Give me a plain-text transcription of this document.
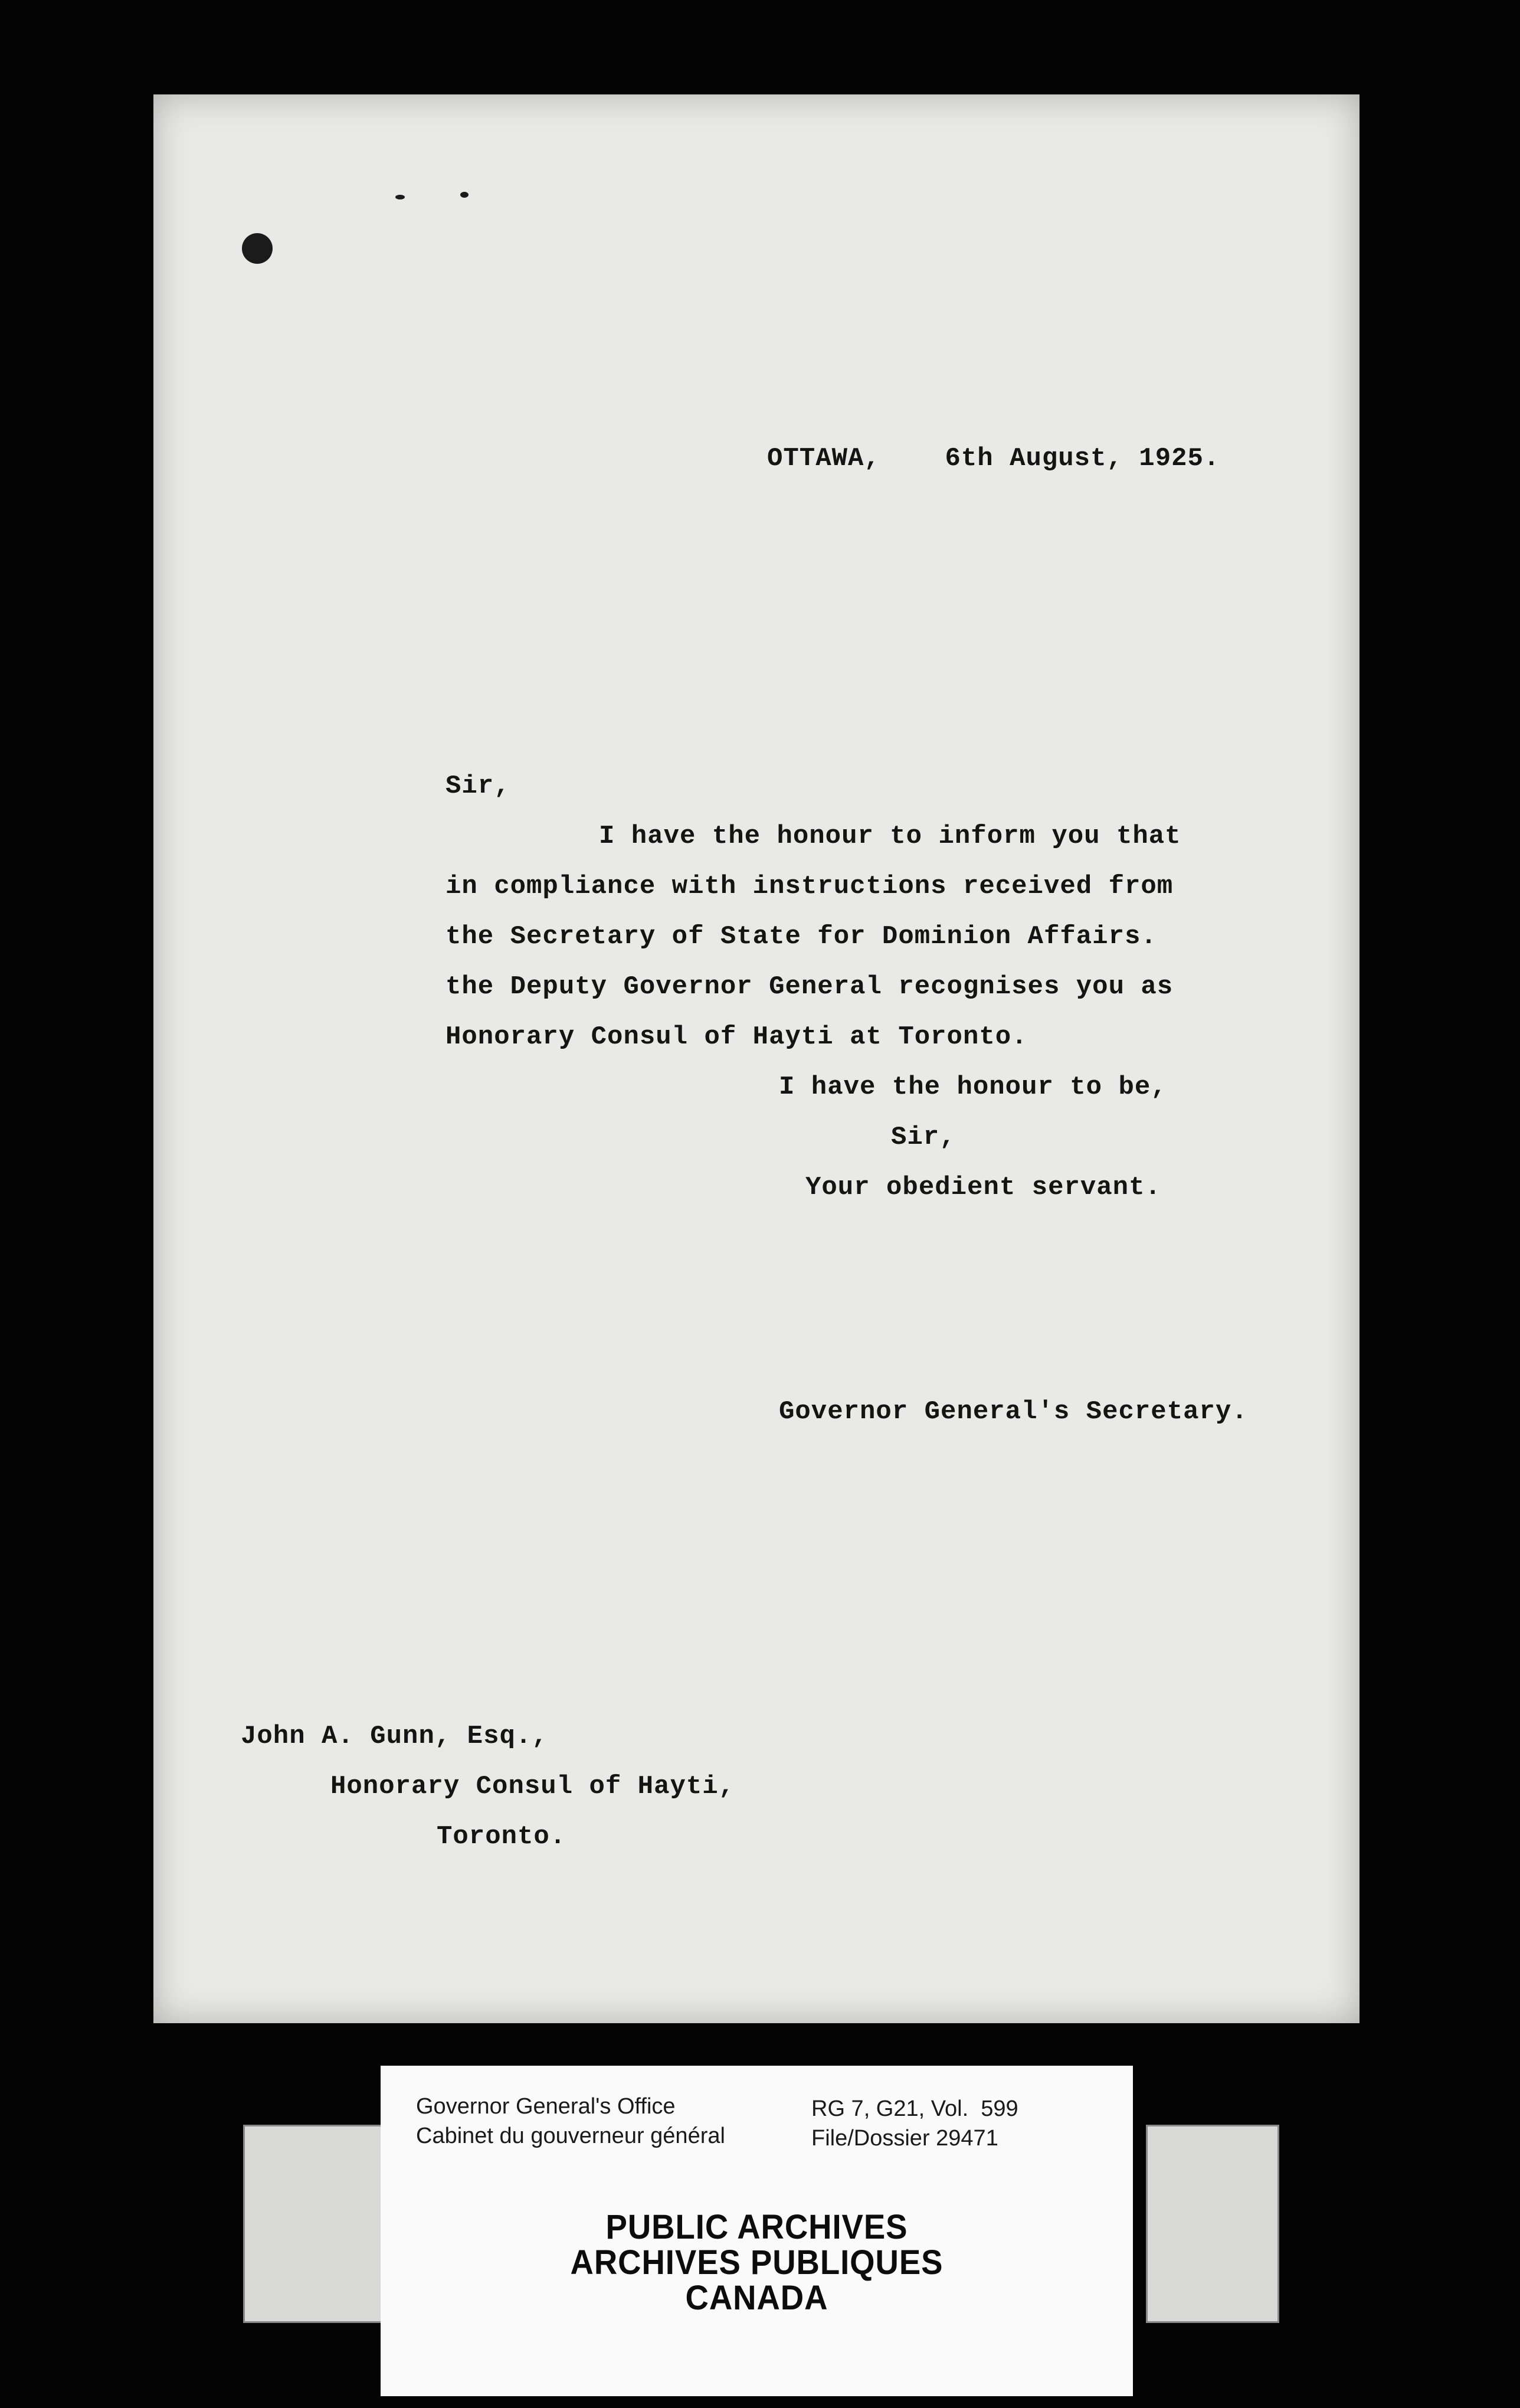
OTTAWA,    6th August, 1925.
Sir,
I have the honour to inform you that
in compliance with instructions received from
the Secretary of State for Dominion Affairs.
the Deputy Governor General recognises you as
Honorary Consul of Hayti at Toronto.
I have the honour to be,
Sir,
Your obedient servant.
Governor General's Secretary.
John A. Gunn, Esq.,
Honorary Consul of Hayti,
Toronto.
Governor General's Office
Cabinet du gouverneur général
RG 7, G21, Vol.  599
File/Dossier 29471
PUBLIC ARCHIVES
ARCHIVES PUBLIQUES
CANADA
